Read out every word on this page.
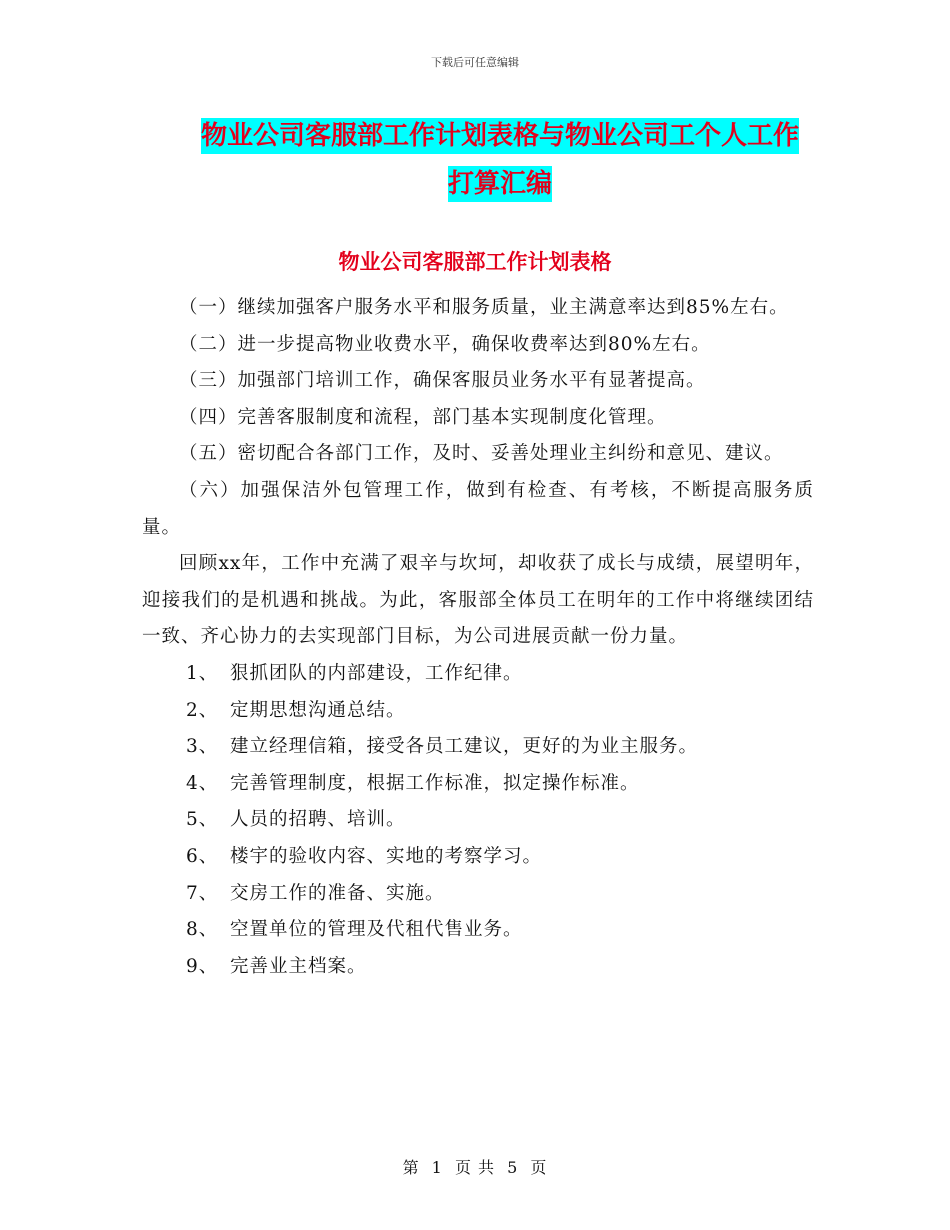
下载后可任意编辑
物业公司客服部工作计划表格与物业公司工个人工作
打算汇编
物业公司客服部工作计划表格

（一）继续加强客户服务水平和服务质量，业主满意率达到85%左右。

（二）进一步提高物业收费水平，确保收费率达到80%左右。

（三）加强部门培训工作，确保客服员业务水平有显著提高。

（四）完善客服制度和流程，部门基本实现制度化管理。

（五）密切配合各部门工作，及时、妥善处理业主纠纷和意见、建议。

（六）加强保洁外包管理工作，做到有检查、有考核，不断提高服务质量。

回顾xx年，工作中充满了艰辛与坎坷，却收获了成长与成绩，展望明年，迎接我们的是机遇和挑战。为此，客服部全体员工在明年的工作中将继续团结一致、齐心协力的去实现部门目标，为公司进展贡献一份力量。

1、 狠抓团队的内部建设，工作纪律。

2、 定期思想沟通总结。

3、 建立经理信箱，接受各员工建议，更好的为业主服务。

4、 完善管理制度，根据工作标准，拟定操作标准。

5、 人员的招聘、培训。

6、 楼宇的验收内容、实地的考察学习。

7、 交房工作的准备、实施。

8、 空置单位的管理及代租代售业务。

9、 完善业主档案。

第 1 页 共 5 页
